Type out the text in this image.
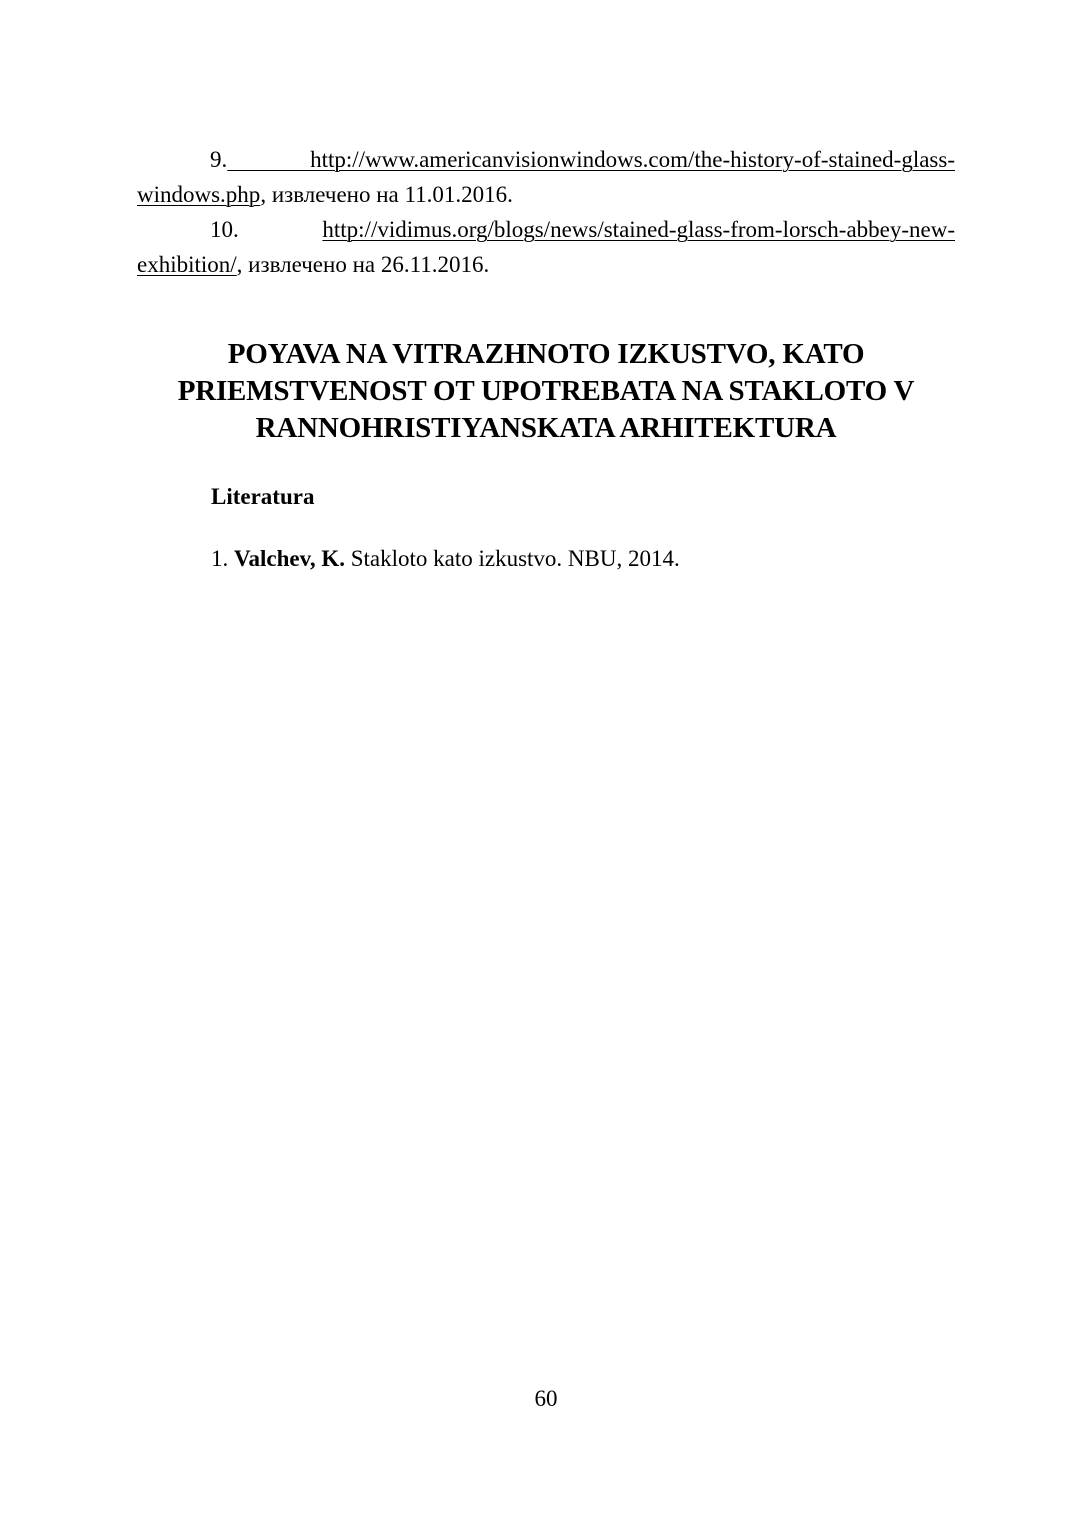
9. http://www.americanvisionwindows.com/the-history-of-stained-glass-
windows.php, извлечено на 11.01.2016.
10.	http://vidimus.org/blogs/news/stained-glass-from-lorsch-abbey-new-
exhibition/, извлечено на 26.11.2016.
POYAVA NA VITRAZHNOTO IZKUSTVO, KATO
PRIEMSTVENOST OT UPOTREBATA NA STAKLOTO V
RANNOHRISTIYANSKATA ARHITEKTURA
Literatura
1. Valchev, K. Stakloto kato izkustvo. NBU, 2014.
60
